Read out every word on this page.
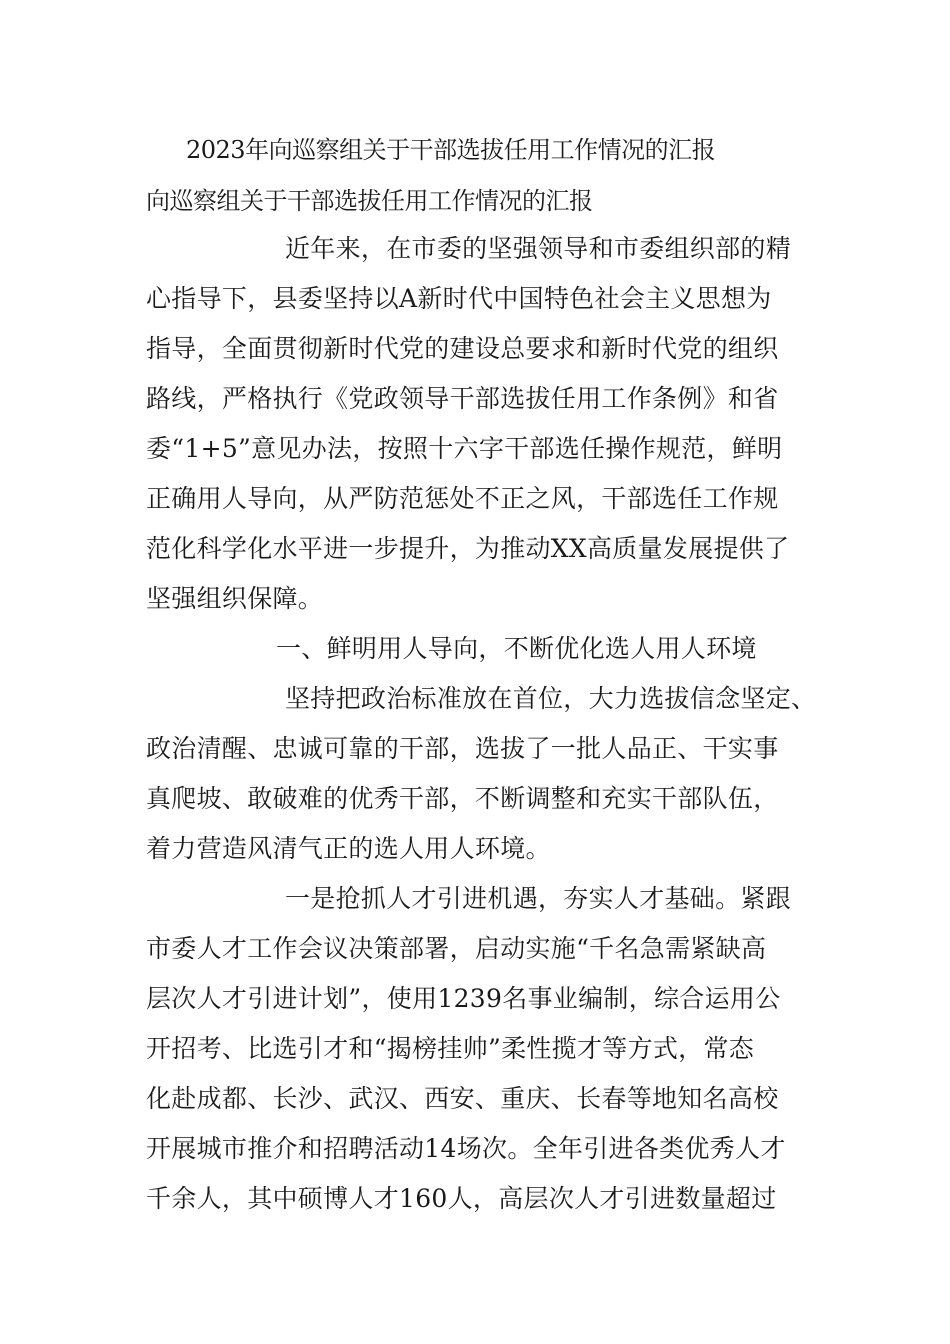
2023年向巡察组关于干部选拔任用工作情况的汇报
向巡察组关于干部选拔任用工作情况的汇报
近年来，在市委的坚强领导和市委组织部的精
心指导下，县委坚持以A新时代中国特色社会主义思想为
指导，全面贯彻新时代党的建设总要求和新时代党的组织
路线，严格执行《党政领导干部选拔任用工作条例》和省
委“1+5”意见办法，按照十六字干部选任操作规范，鲜明
正确用人导向，从严防范惩处不正之风，干部选任工作规
范化科学化水平进一步提升，为推动XX高质量发展提供了
坚强组织保障。
一、鲜明用人导向，不断优化选人用人环境
坚持把政治标准放在首位，大力选拔信念坚定、
政治清醒、忠诚可靠的干部，选拔了一批人品正、干实事
真爬坡、敢破难的优秀干部，不断调整和充实干部队伍，
着力营造风清气正的选人用人环境。
一是抢抓人才引进机遇，夯实人才基础。紧跟
市委人才工作会议决策部署，启动实施“千名急需紧缺高
层次人才引进计划”，使用1239名事业编制，综合运用公
开招考、比选引才和“揭榜挂帅”柔性揽才等方式，常态
化赴成都、长沙、武汉、西安、重庆、长春等地知名高校
开展城市推介和招聘活动14场次。全年引进各类优秀人才
千余人，其中硕博人才160人，高层次人才引进数量超过
